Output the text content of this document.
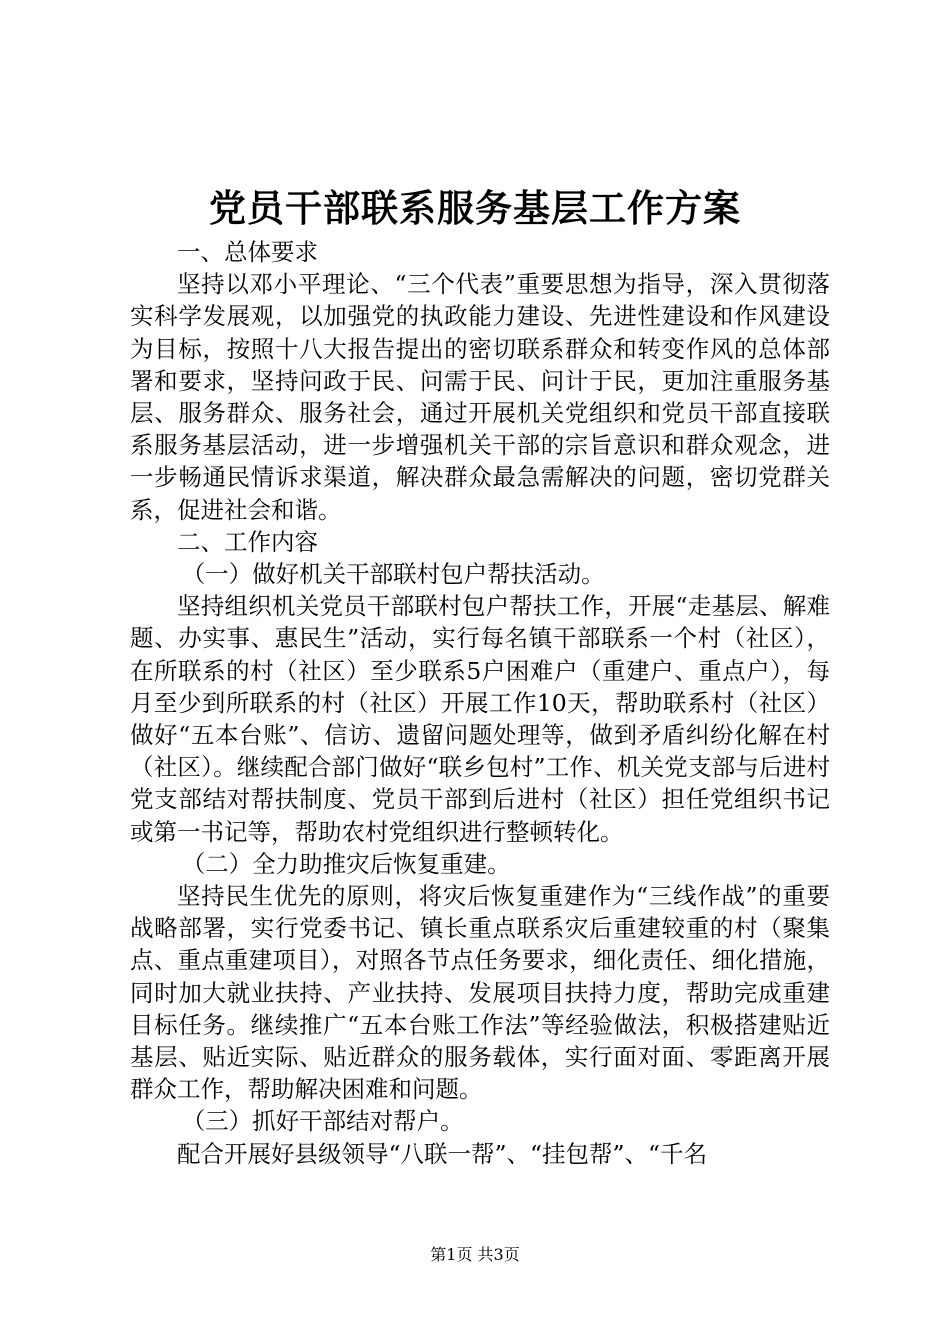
党员干部联系服务基层工作方案

一、总体要求

坚持以邓小平理论、“三个代表”重要思想为指导，深入贯彻落实科学发展观，以加强党的执政能力建设、先进性建设和作风建设为目标，按照十八大报告提出的密切联系群众和转变作风的总体部署和要求，坚持问政于民、问需于民、问计于民，更加注重服务基层、服务群众、服务社会，通过开展机关党组织和党员干部直接联系服务基层活动，进一步增强机关干部的宗旨意识和群众观念，进一步畅通民情诉求渠道，解决群众最急需解决的问题，密切党群关系，促进社会和谐。

二、工作内容

（一）做好机关干部联村包户帮扶活动。

坚持组织机关党员干部联村包户帮扶工作，开展“走基层、解难题、办实事、惠民生”活动，实行每名镇干部联系一个村（社区），在所联系的村（社区）至少联系5户困难户（重建户、重点户），每月至少到所联系的村（社区）开展工作10天，帮助联系村（社区）做好“五本台账”、信访、遗留问题处理等，做到矛盾纠纷化解在村（社区）。继续配合部门做好“联乡包村”工作、机关党支部与后进村党支部结对帮扶制度、党员干部到后进村（社区）担任党组织书记或第一书记等，帮助农村党组织进行整顿转化。

（二）全力助推灾后恢复重建。

坚持民生优先的原则，将灾后恢复重建作为“三线作战”的重要战略部署，实行党委书记、镇长重点联系灾后重建较重的村（聚集点、重点重建项目），对照各节点任务要求，细化责任、细化措施，同时加大就业扶持、产业扶持、发展项目扶持力度，帮助完成重建目标任务。继续推广“五本台账工作法”等经验做法，积极搭建贴近基层、贴近实际、贴近群众的服务载体，实行面对面、零距离开展群众工作，帮助解决困难和问题。

（三）抓好干部结对帮户。

配合开展好县级领导“八联一帮”、“挂包帮”、“千名

第1页 共3页
